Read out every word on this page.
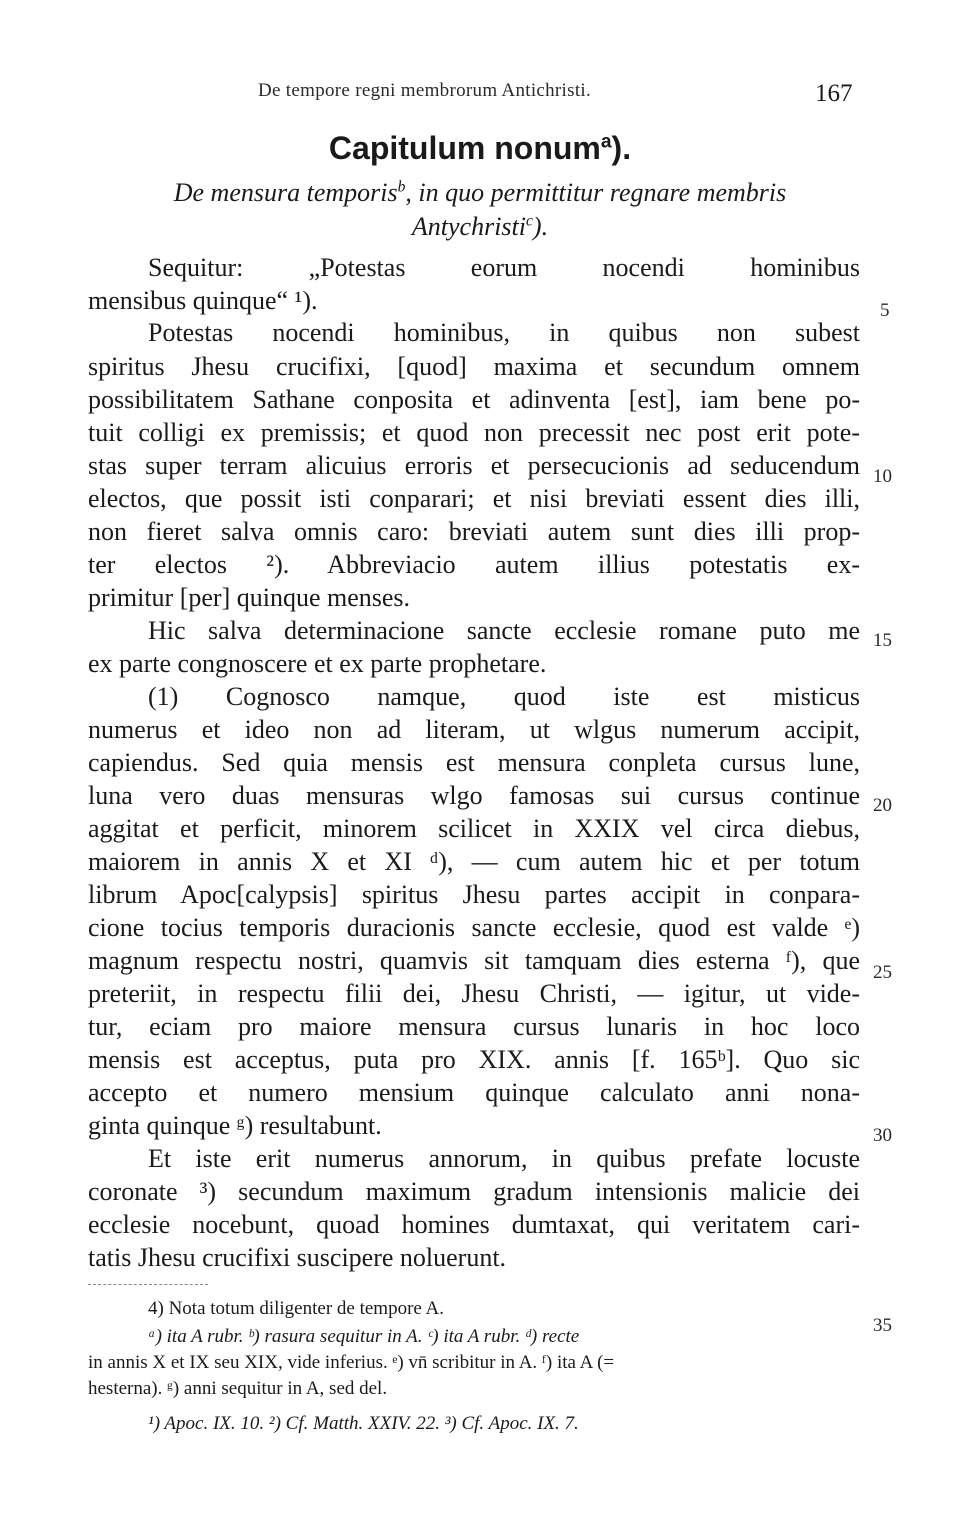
De tempore regni membrorum Antichristi.	167
Capitulum nonum$^a$).
De mensura temporis$^b$, in quo permittitur regnare membris
Antychristi$^c$).
Sequitur: „Potestas eorum nocendi hominibus
mensibus quinque“ ¹).
Potestas nocendi hominibus, in quibus non subest
spiritus Jhesu crucifixi, [quod] maxima et secundum omnem
possibilitatem Sathane conposita et adinventa [est], iam bene po-
tuit colligi ex premissis; et quod non precessit nec post erit pote-
stas super terram alicuius erroris et persecucionis ad seducendum
electos, que possit isti conparari; et nisi breviati essent dies illi,
non fieret salva omnis caro: breviati autem sunt dies illi prop-
ter electos ²). Abbreviacio autem illius potestatis ex-
primitur [per] quinque menses.
Hic salva determinacione sancte ecclesie romane puto me
ex parte congnoscere et ex parte prophetare.
(1) Cognosco namque, quod iste est misticus
numerus et ideo non ad literam, ut wlgus numerum accipit,
capiendus. Sed quia mensis est mensura conpleta cursus lune,
luna vero duas mensuras wlgo famosas sui cursus continue
aggitat et perficit, minorem scilicet in XXIX vel circa diebus,
maiorem in annis X et XI ᵈ), — cum autem hic et per totum
librum Apoc[calypsis] spiritus Jhesu partes accipit in conpara-
cione tocius temporis duracionis sancte ecclesie, quod est valde ᵉ)
magnum respectu nostri, quamvis sit tamquam dies esterna ᶠ), que
preteriit, in respectu filii dei, Jhesu Christi, — igitur, ut vide-
tur, eciam pro maiore mensura cursus lunaris in hoc loco
mensis est acceptus, puta pro XIX. annis [f. 165ᵇ]. Quo sic
accepto et numero mensium quinque calculato anni nona-
ginta quinque ᵍ) resultabunt.
Et iste erit numerus annorum, in quibus prefate locuste
coronate ³) secundum maximum gradum intensionis malicie dei
ecclesie nocebunt, quoad homines dumtaxat, qui veritatem cari-
tatis Jhesu crucifixi suscipere noluerunt.
5
10
15
20
25
30
35
4) Nota totum diligenter de tempore A.
ᵃ) ita A rubr. ᵇ) rasura sequitur in A. ᶜ) ita A rubr. ᵈ) recte
in annis X et IX seu XIX, vide inferius. ᵉ) vn̄ scribitur in A. ᶠ) ita A (=
hesterna). ᵍ) anni sequitur in A, sed del.
¹) Apoc. IX. 10. ²) Cf. Matth. XXIV. 22. ³) Cf. Apoc. IX. 7.
